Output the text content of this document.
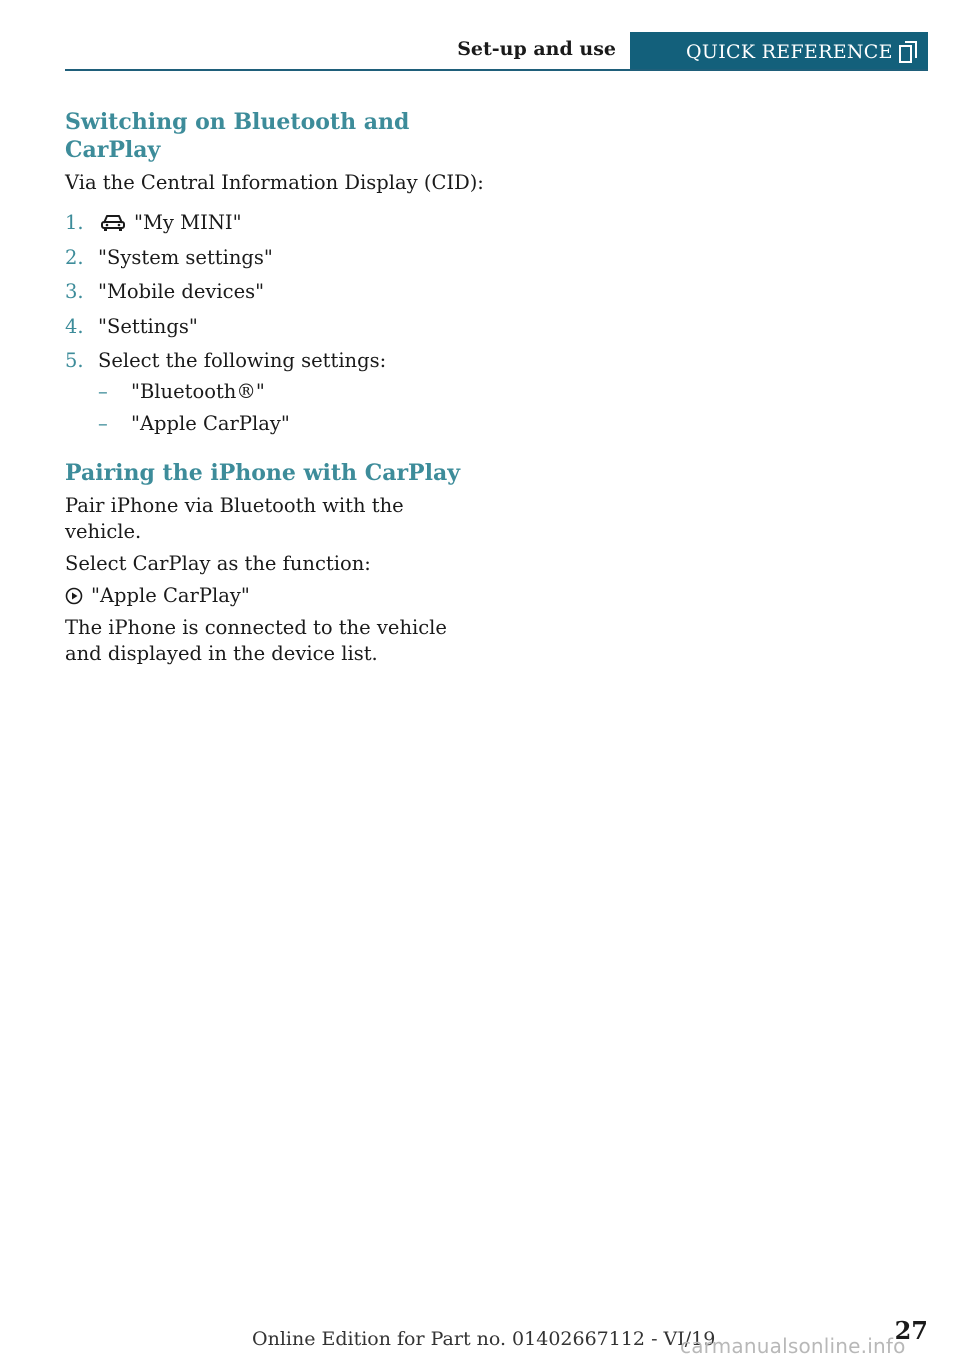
Set-up and use	QUICK REFERENCE
Switching on Bluetooth and CarPlay

Via the Central Information Display (CID):

1.	"My MINI"
2. "System settings"
3. "Mobile devices"
4. "Settings"
5. Select the following settings:
– "Bluetooth®"
– "Apple CarPlay"
Pairing the iPhone with CarPlay

Pair iPhone via Bluetooth with the vehicle.

Select CarPlay as the function:

"Apple CarPlay"

The iPhone is connected to the vehicle and displayed in the device list.

27
Online Edition for Part no. 01402667112 - VI/19
carmanualsonline.info
